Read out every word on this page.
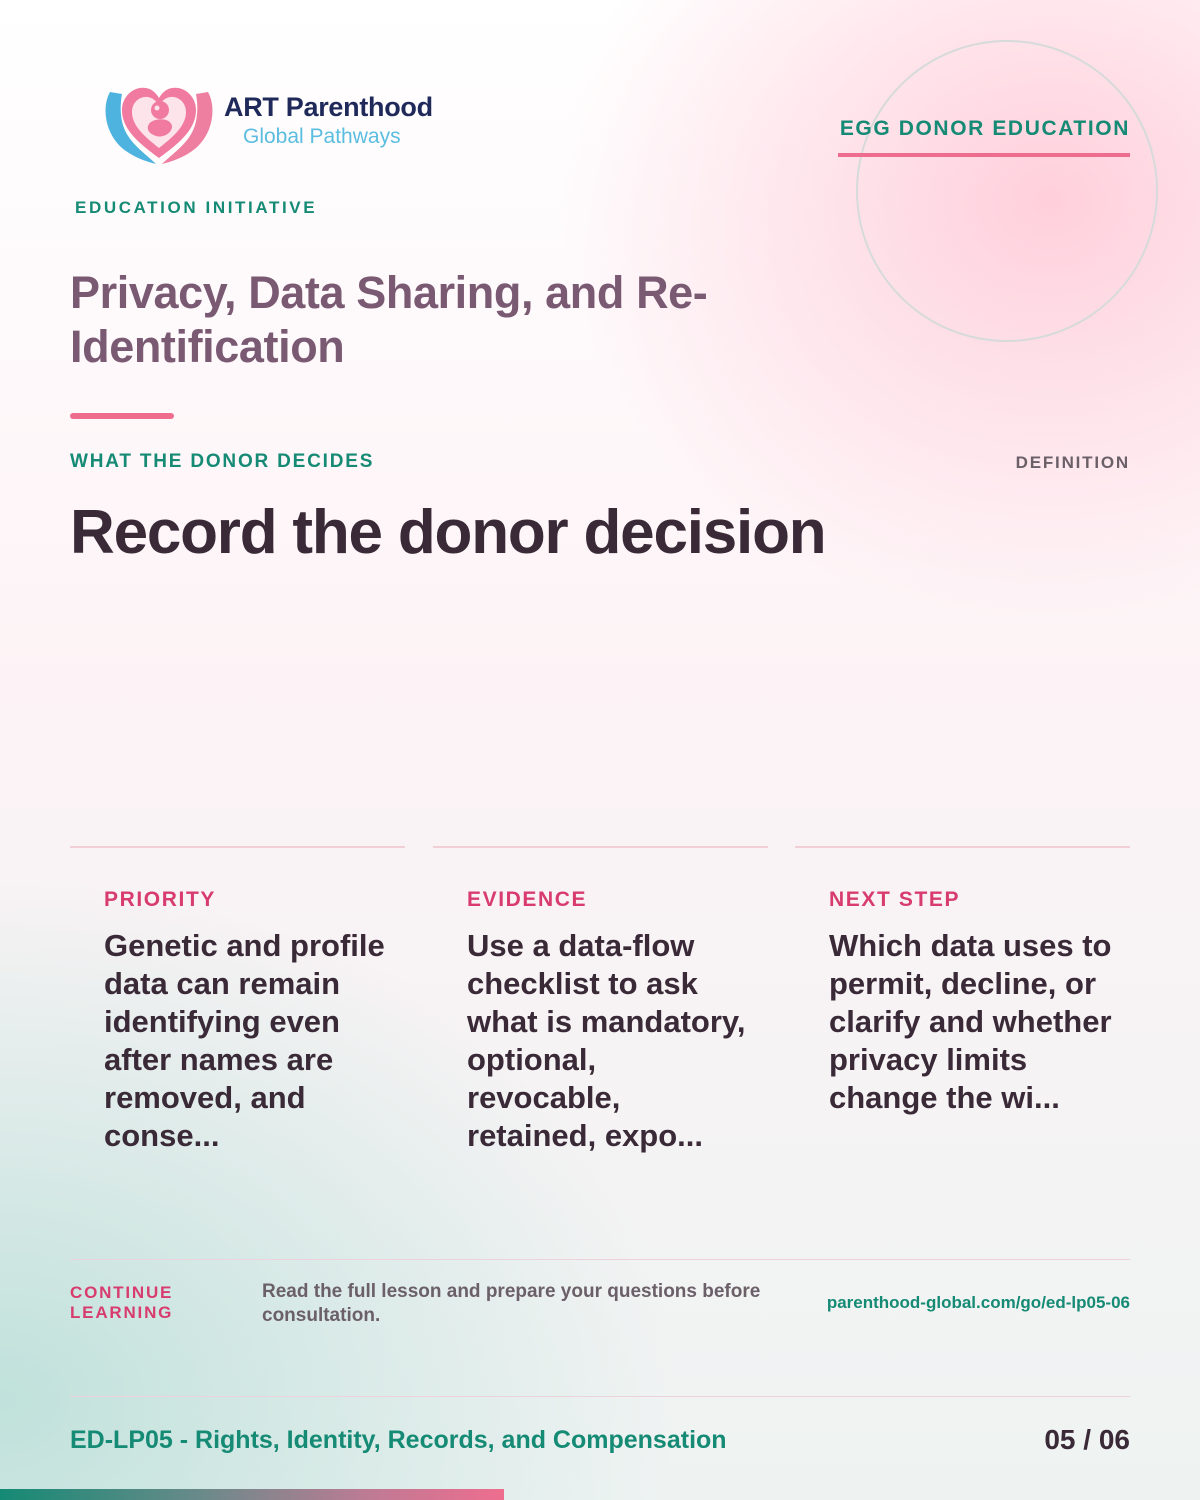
ART Parenthood
Global Pathways
EDUCATION INITIATIVE
EGG DONOR EDUCATION
Privacy, Data Sharing, and Re-Identification
WHAT THE DONOR DECIDES	DEFINITION
Record the donor decision
PRIORITY
Genetic and profile data can remain identifying even after names are removed, and conse...
EVIDENCE
Use a data-flow checklist to ask what is mandatory, optional, revocable, retained, expo...
NEXT STEP
Which data uses to permit, decline, or clarify and whether privacy limits change the wi...
CONTINUE LEARNING
Read the full lesson and prepare your questions before consultation.
parenthood-global.com/go/ed-lp05-06
ED-LP05 - Rights, Identity, Records, and Compensation	05 / 06
